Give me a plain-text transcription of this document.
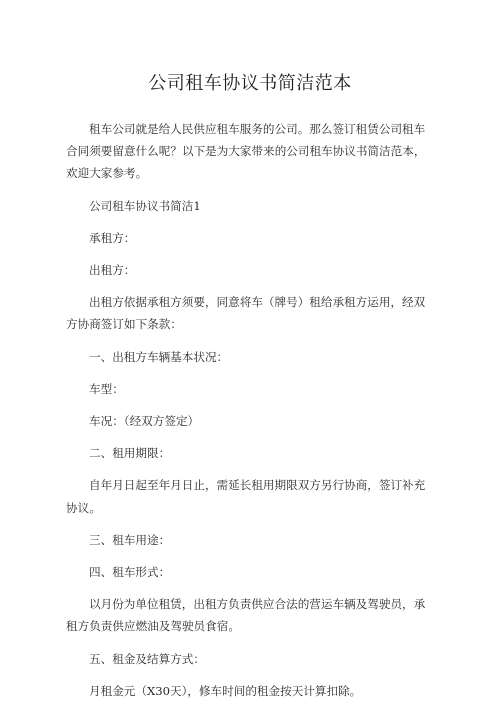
公司租车协议书简洁范本

租车公司就是给人民供应租车服务的公司。那么签订租赁公司租车合同须要留意什么呢？以下是为大家带来的公司租车协议书简洁范本，欢迎大家参考。

公司租车协议书简洁1

承租方：

出租方：

出租方依据承租方须要，同意将车（牌号）租给承租方运用，经双方协商签订如下条款：

一、出租方车辆基本状况：

车型：

车况：（经双方签定）

二、租用期限：

自年月日起至年月日止，需延长租用期限双方另行协商，签订补充协议。

三、租车用途：

四、租车形式：

以月份为单位租赁，出租方负责供应合法的营运车辆及驾驶员，承租方负责供应燃油及驾驶员食宿。

五、租金及结算方式：

月租金元（X30天），修车时间的租金按天计算扣除。
